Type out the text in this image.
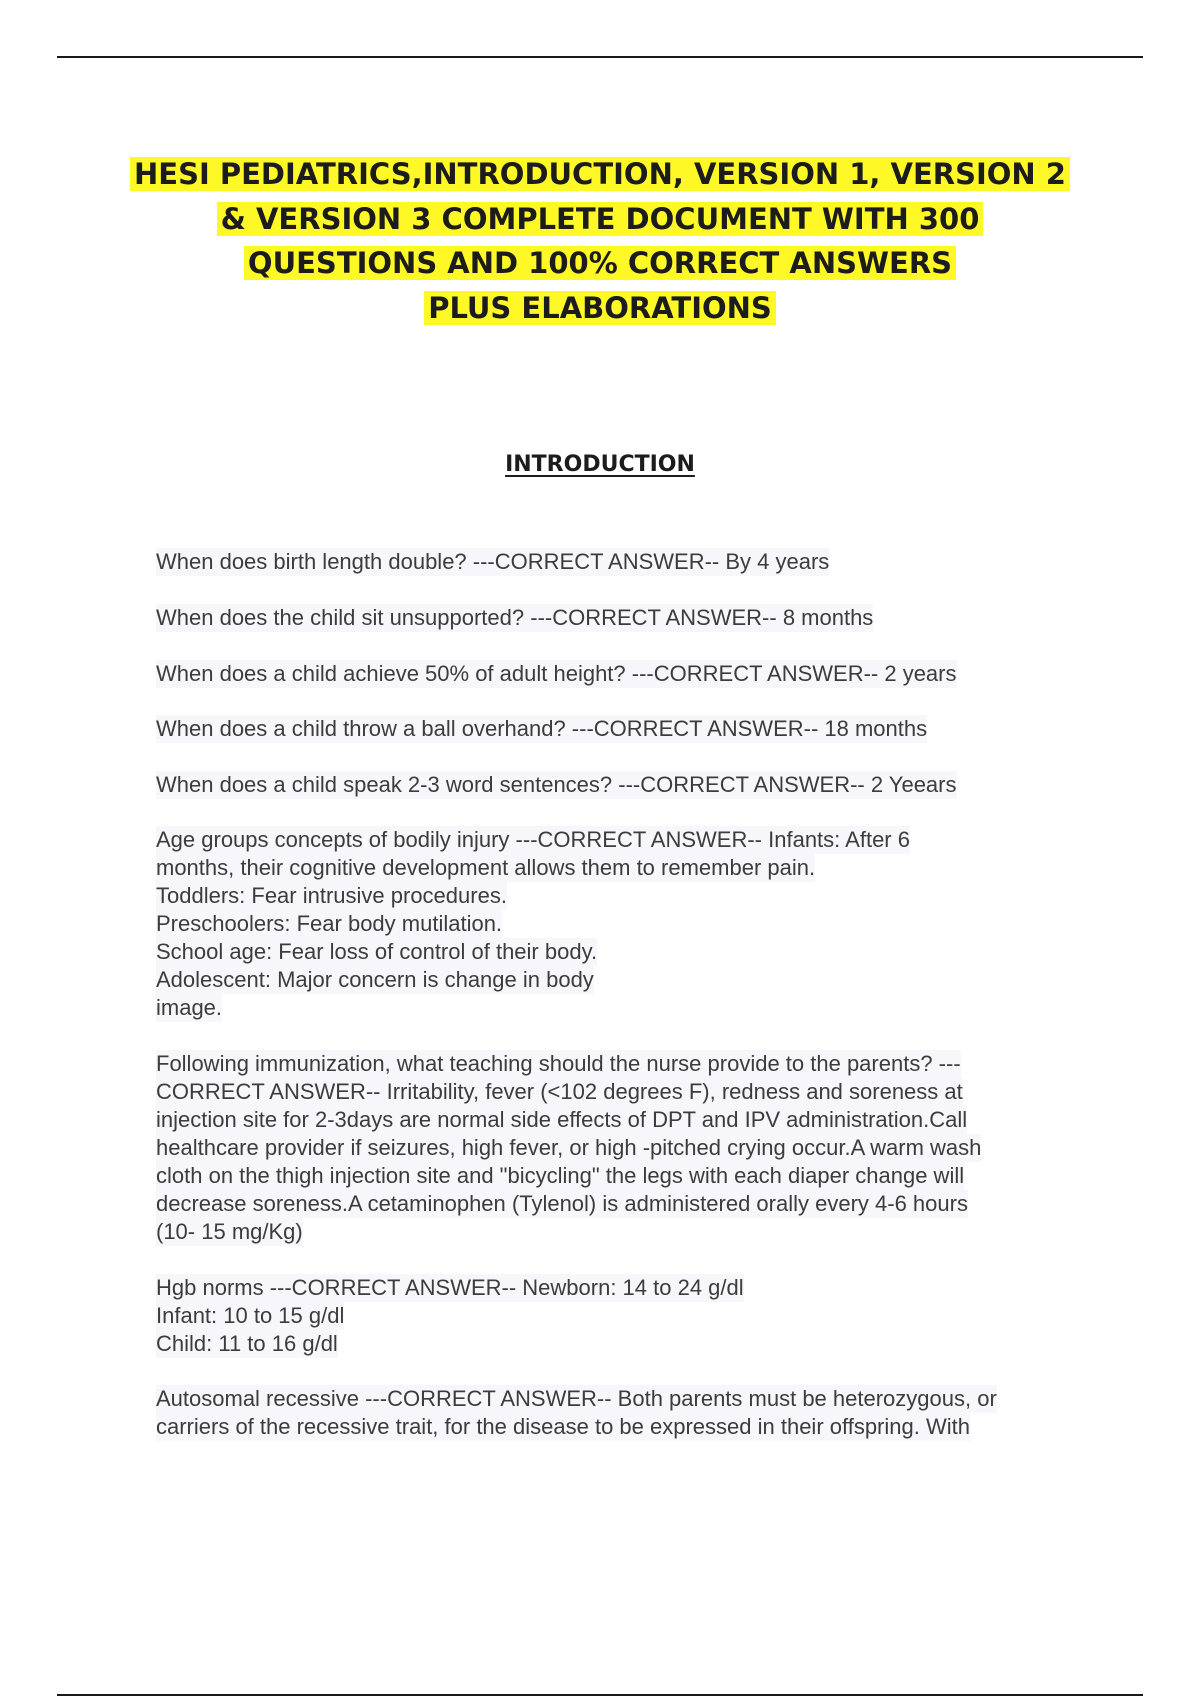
HESI PEDIATRICS,INTRODUCTION, VERSION 1, VERSION 2
& VERSION 3 COMPLETE DOCUMENT WITH 300
QUESTIONS AND 100% CORRECT ANSWERS
PLUS ELABORATIONS
INTRODUCTION
When does birth length double? ---CORRECT ANSWER-- By 4 years
When does the child sit unsupported? ---CORRECT ANSWER-- 8 months
When does a child achieve 50% of adult height? ---CORRECT ANSWER-- 2 years
When does a child throw a ball overhand? ---CORRECT ANSWER-- 18 months
When does a child speak 2-3 word sentences? ---CORRECT ANSWER-- 2 Yeears
Age groups concepts of bodily injury ---CORRECT ANSWER-- Infants: After 6
months, their cognitive development allows them to remember pain.
Toddlers: Fear intrusive procedures.
Preschoolers: Fear body mutilation.
School age: Fear loss of control of their body.
Adolescent: Major concern is change in body
image.
Following immunization, what teaching should the nurse provide to the parents? ---
CORRECT ANSWER-- Irritability, fever (<102 degrees F), redness and soreness at
injection site for 2-3days are normal side effects of DPT and IPV administration.Call
healthcare provider if seizures, high fever, or high -pitched crying occur.A warm wash
cloth on the thigh injection site and "bicycling" the legs with each diaper change will
decrease soreness.A cetaminophen (Tylenol) is administered orally every 4-6 hours
(10- 15 mg/Kg)
Hgb norms ---CORRECT ANSWER-- Newborn: 14 to 24 g/dl
Infant: 10 to 15 g/dl
Child: 11 to 16 g/dl
Autosomal recessive ---CORRECT ANSWER-- Both parents must be heterozygous, or
carriers of the recessive trait, for the disease to be expressed in their offspring. With
